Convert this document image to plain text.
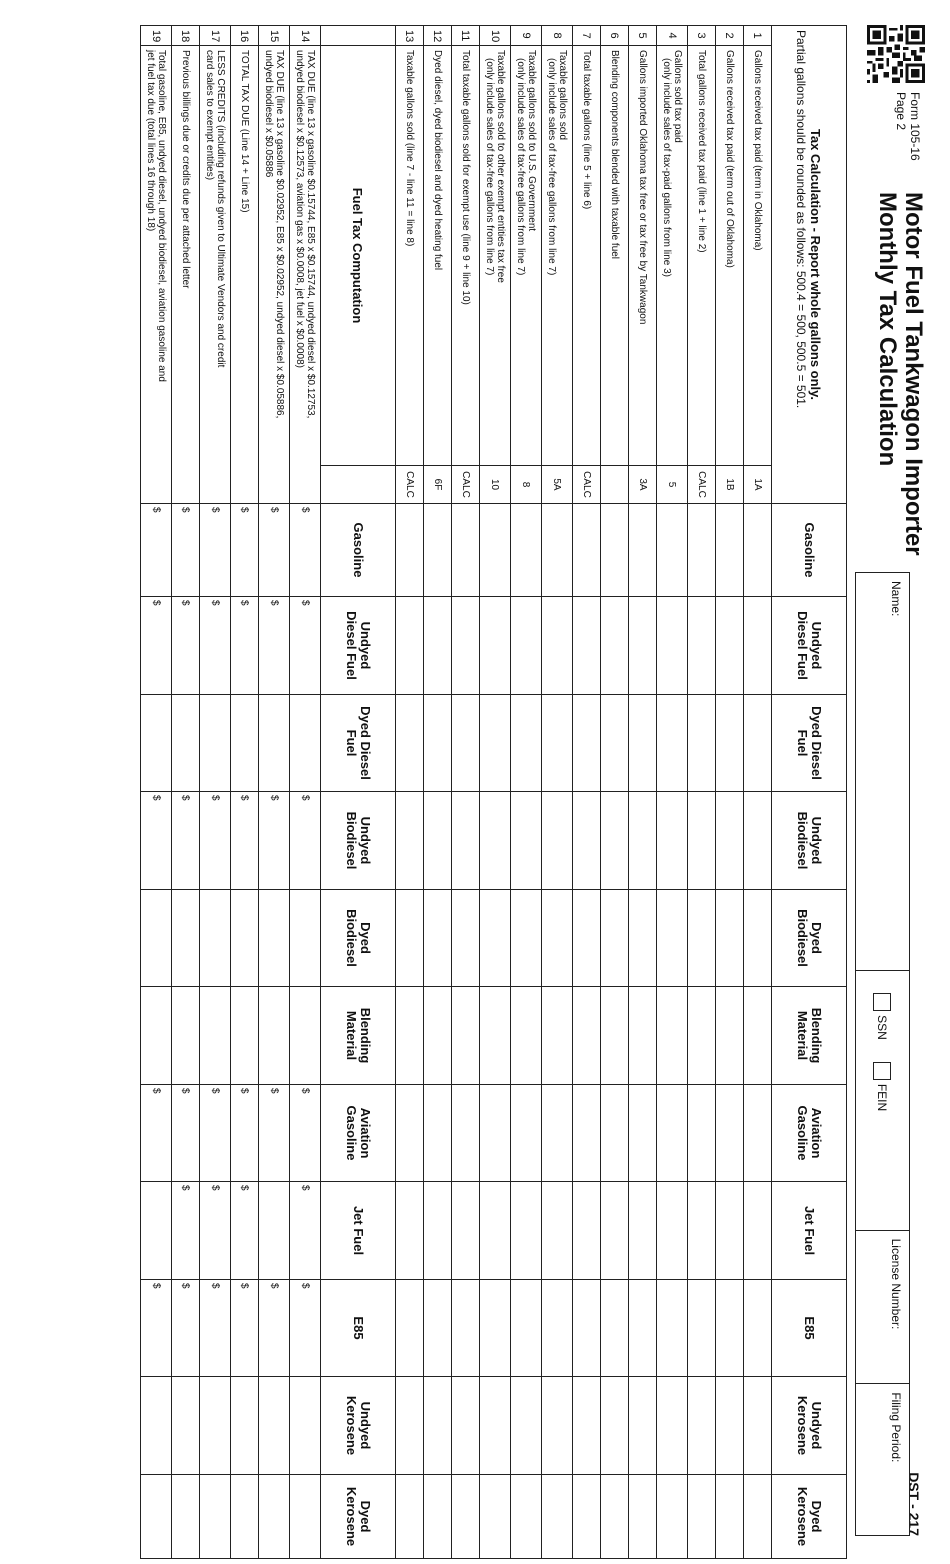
Form 105-16
Page 2
Motor Fuel Tankwagon Importer
Monthly Tax Calculation
DST - 217
Name:
SSN
FEIN
License Number:
Filing Period:
Tax Calculation - Report whole gallons only.
Partial gallons should be rounded as follows: 500.4 = 500, 500.5 = 501.			Gasoline	Undyed Diesel Fuel	Dyed Diesel Fuel	Undyed Biodiesel	Dyed Biodiesel	Blending Material	Aviation Gasoline	Jet Fuel	E85	Undyed Kerosene	Dyed Kerosene
1	Gallons received tax paid (term in Oklahoma)	1A											
2	Gallons received tax paid (term out of Oklahoma)	1B											
3	Total gallons received tax paid (line 1 + line 2)	CALC											
4	Gallons sold tax paid
(only include sales of tax-paid gallons from line 3)	5											
5	Gallons imported Oklahoma tax free or tax free by Tankwagon	3A											
6	Blending components blended with taxable fuel												

7	Total taxable gallons (line 5 + line 6)	CALC											
8	Taxable gallons sold
(only include sales of tax-free gallons from line 7)	5A											
9	Taxable gallons sold to U.S. Government
(only include sales of tax-free gallons from line 7)	8											
10	Taxable gallons sold to other exempt entities tax free
(only include sales of tax-free gallons from line 7)	10											
11	Total taxable gallons sold for exempt use (line 9 + line 10)	CALC											
12	Dyed diesel, dyed biodiesel and dyed heating fuel	6F											
13	Taxable gallons sold (line 7 - line 11 = line 8)	CALC											
	Fuel Tax Computation		Gasoline	Undyed Diesel Fuel	Dyed Diesel Fuel	Undyed Biodiesel	Dyed Biodiesel	Blending Material	Aviation Gasoline	Jet Fuel	E85	Undyed Kerosene	Dyed Kerosene
14	TAX DUE (line 13 x gasoline $0.15744, E85 x $0.15744, undyed diesel x $0.12753,
undyed biodiesel x $0.12573, aviation gas x $0.0008, jet fuel x $0.0008)		$	$		$			$	$	$		

15	TAX DUE (line 13 x gasoline $0.02952, E85 x $0.02952, undyed diesel x $0.05886,
undyed biodiesel x $0.05886		$	$		$			$		$		

16	TOTAL TAX DUE (Line 14 + Line 15)		$	$		$			$	$	$		

17	LESS CREDITS (including refunds given to Ultimate Vendors and credit
card sales to exempt entities)		$	$		$			$	$	$		

18	Previous billings due or credits due per attached letter		$	$		$			$	$	$		

19	Total gasoline, E85, undyed diesel, undyed biodiesel, aviation gasoline and
jet fuel tax due (total lines 16 through 18)		$	$		$			$		$		
